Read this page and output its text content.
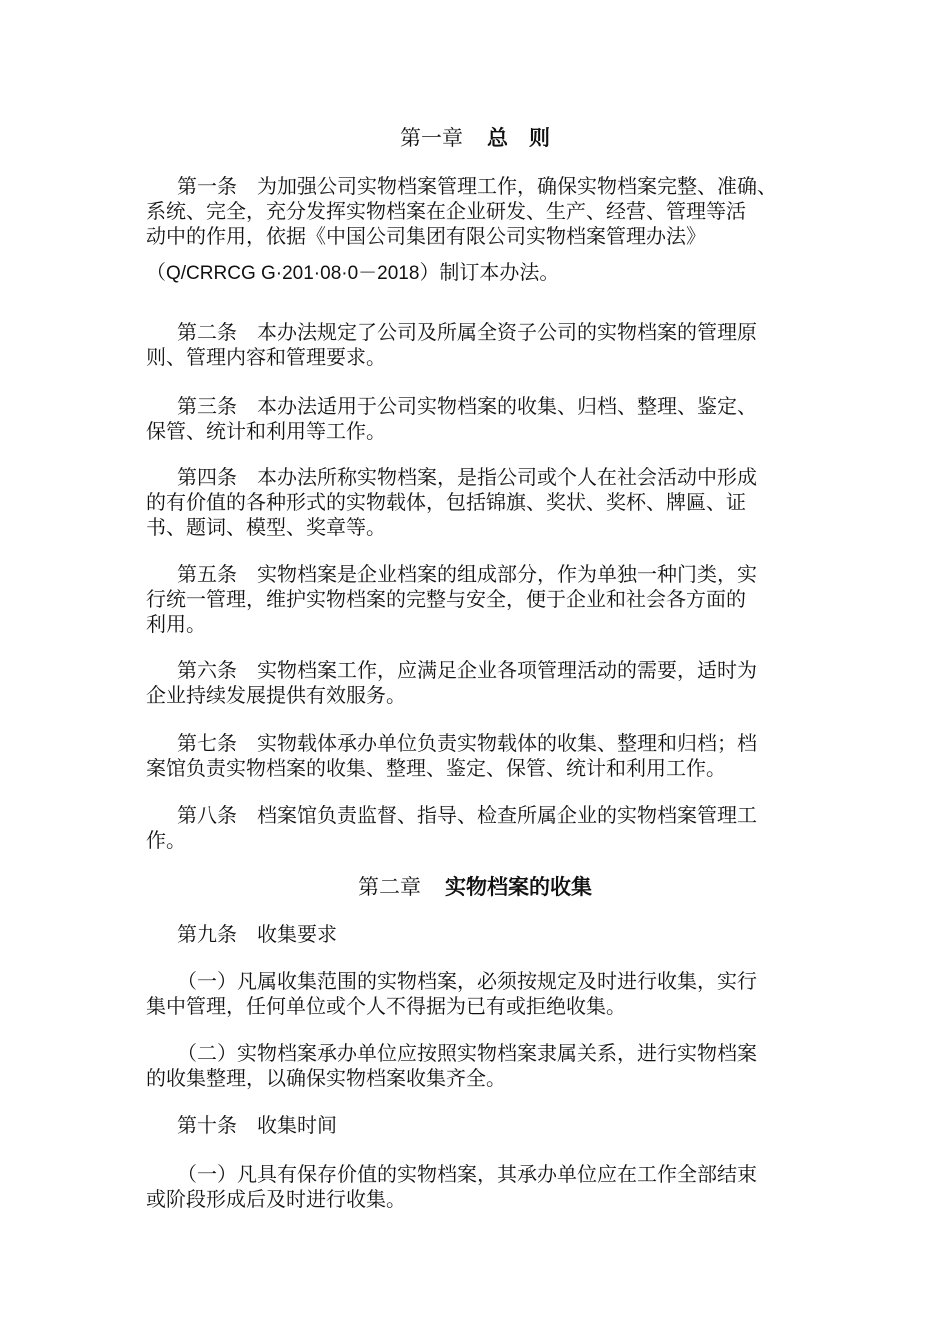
第一章 总　则
第一条 为加强公司实物档案管理工作，确保实物档案完整、准确、
系统、完全，充分发挥实物档案在企业研发、生产、经营、管理等活
动中的作用，依据《中国公司集团有限公司实物档案管理办法》
（Q/CRRCG G·201·08·0－2018）制订本办法。
第二条 本办法规定了公司及所属全资子公司的实物档案的管理原
则、管理内容和管理要求。
第三条 本办法适用于公司实物档案的收集、归档、整理、鉴定、
保管、统计和利用等工作。
第四条 本办法所称实物档案，是指公司或个人在社会活动中形成
的有价值的各种形式的实物载体，包括锦旗、奖状、奖杯、牌匾、证
书、题词、模型、奖章等。
第五条 实物档案是企业档案的组成部分，作为单独一种门类，实
行统一管理，维护实物档案的完整与安全，便于企业和社会各方面的
利用。
第六条 实物档案工作，应满足企业各项管理活动的需要，适时为
企业持续发展提供有效服务。
第七条 实物载体承办单位负责实物载体的收集、整理和归档；档
案馆负责实物档案的收集、整理、鉴定、保管、统计和利用工作。
第八条 档案馆负责监督、指导、检查所属企业的实物档案管理工
作。
第二章 实物档案的收集
第九条 收集要求
（一）凡属收集范围的实物档案，必须按规定及时进行收集，实行
集中管理，任何单位或个人不得据为已有或拒绝收集。
（二）实物档案承办单位应按照实物档案隶属关系，进行实物档案
的收集整理，以确保实物档案收集齐全。
第十条 收集时间
（一）凡具有保存价值的实物档案，其承办单位应在工作全部结束
或阶段形成后及时进行收集。
